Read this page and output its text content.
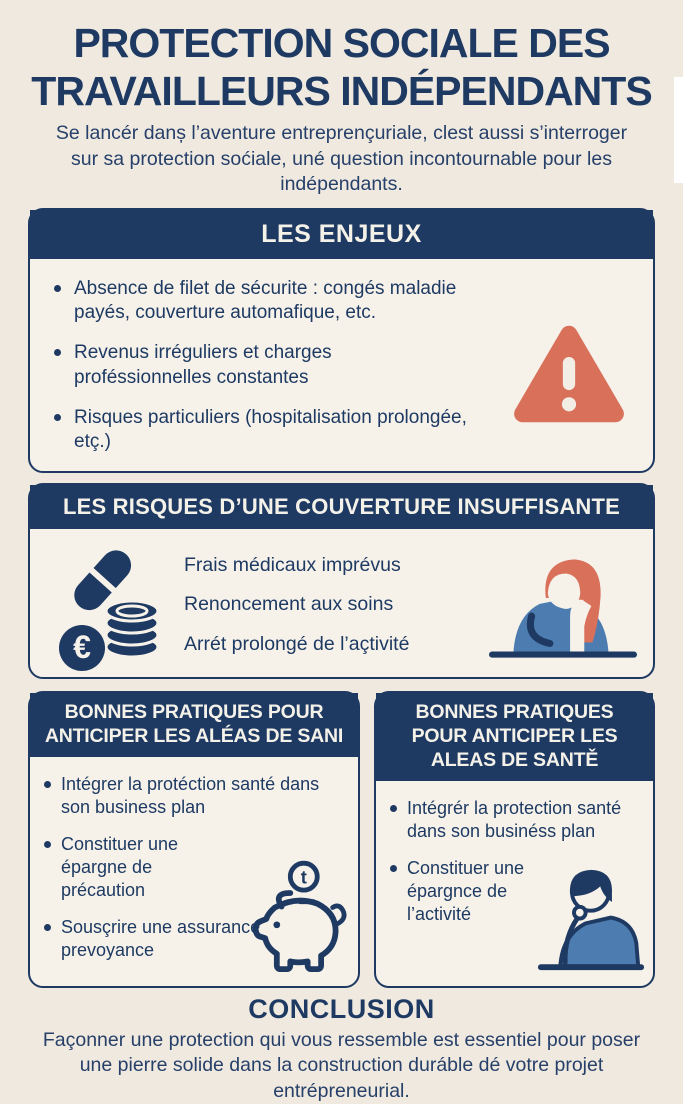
PROTECTION SOCIALE DES
TRAVAILLEURS INDÉPENDANTS

Se lancér danș l’aventure entreprençuriale, clest aussi s’interroger sur sa protection soćiale, uné question incontournable pour les indépendants.

LES ENJEUX
Absence de filet de sécurite : congés maladie payés, couverture automafique, etc.
Revenus irréguliers et charges proféssionnelles constantes
Risques particuliers (hospitalisation prolongée, etç.)
LES RISQUES D’UNE COUVERTURE INSUFFISANTE
€
Frais médicaux imprévus
Renoncement aux soins
Arrét prolongé de l’açtivité
BONNES PRATIQUES POUR ANTICIPER LES ALÉAS DE SANI
Intégrer la protéction santé dans son business plan
Constituer une épargne de précaution
Sousçrire une assurance prevoyance
t
BONNES PRATIQUES POUR ANTICIPER LES ALEAS DE SANTĚ
Intégrér la protection santé dans son businéss plan
Constituer une épargnce de l’activité
CONCLUSION

Façonner une protection qui vous ressemble est essentiel pour poser une pierre solide dans la construction duráble dé votre projet entrépreneurial.
